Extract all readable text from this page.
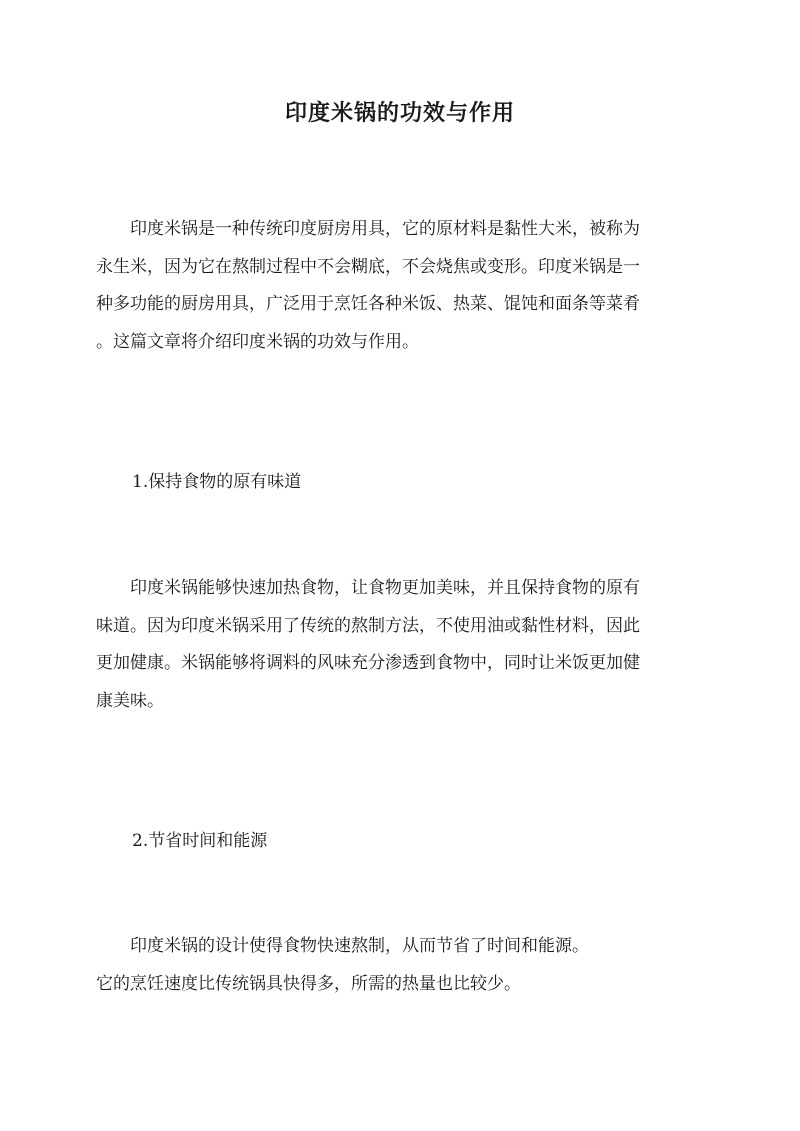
印度米锅的功效与作用
　　印度米锅是一种传统印度厨房用具，它的原材料是黏性大米，被称为
永生米，因为它在熬制过程中不会糊底，不会烧焦或变形。印度米锅是一
种多功能的厨房用具，广泛用于烹饪各种米饭、热菜、馄饨和面条等菜肴
。这篇文章将介绍印度米锅的功效与作用。
1.保持食物的原有味道
　　印度米锅能够快速加热食物，让食物更加美味，并且保持食物的原有
味道。因为印度米锅采用了传统的熬制方法，不使用油或黏性材料，因此
更加健康。米锅能够将调料的风味充分渗透到食物中，同时让米饭更加健
康美味。
2.节省时间和能源
　　印度米锅的设计使得食物快速熬制，从而节省了时间和能源。
它的烹饪速度比传统锅具快得多，所需的热量也比较少。
